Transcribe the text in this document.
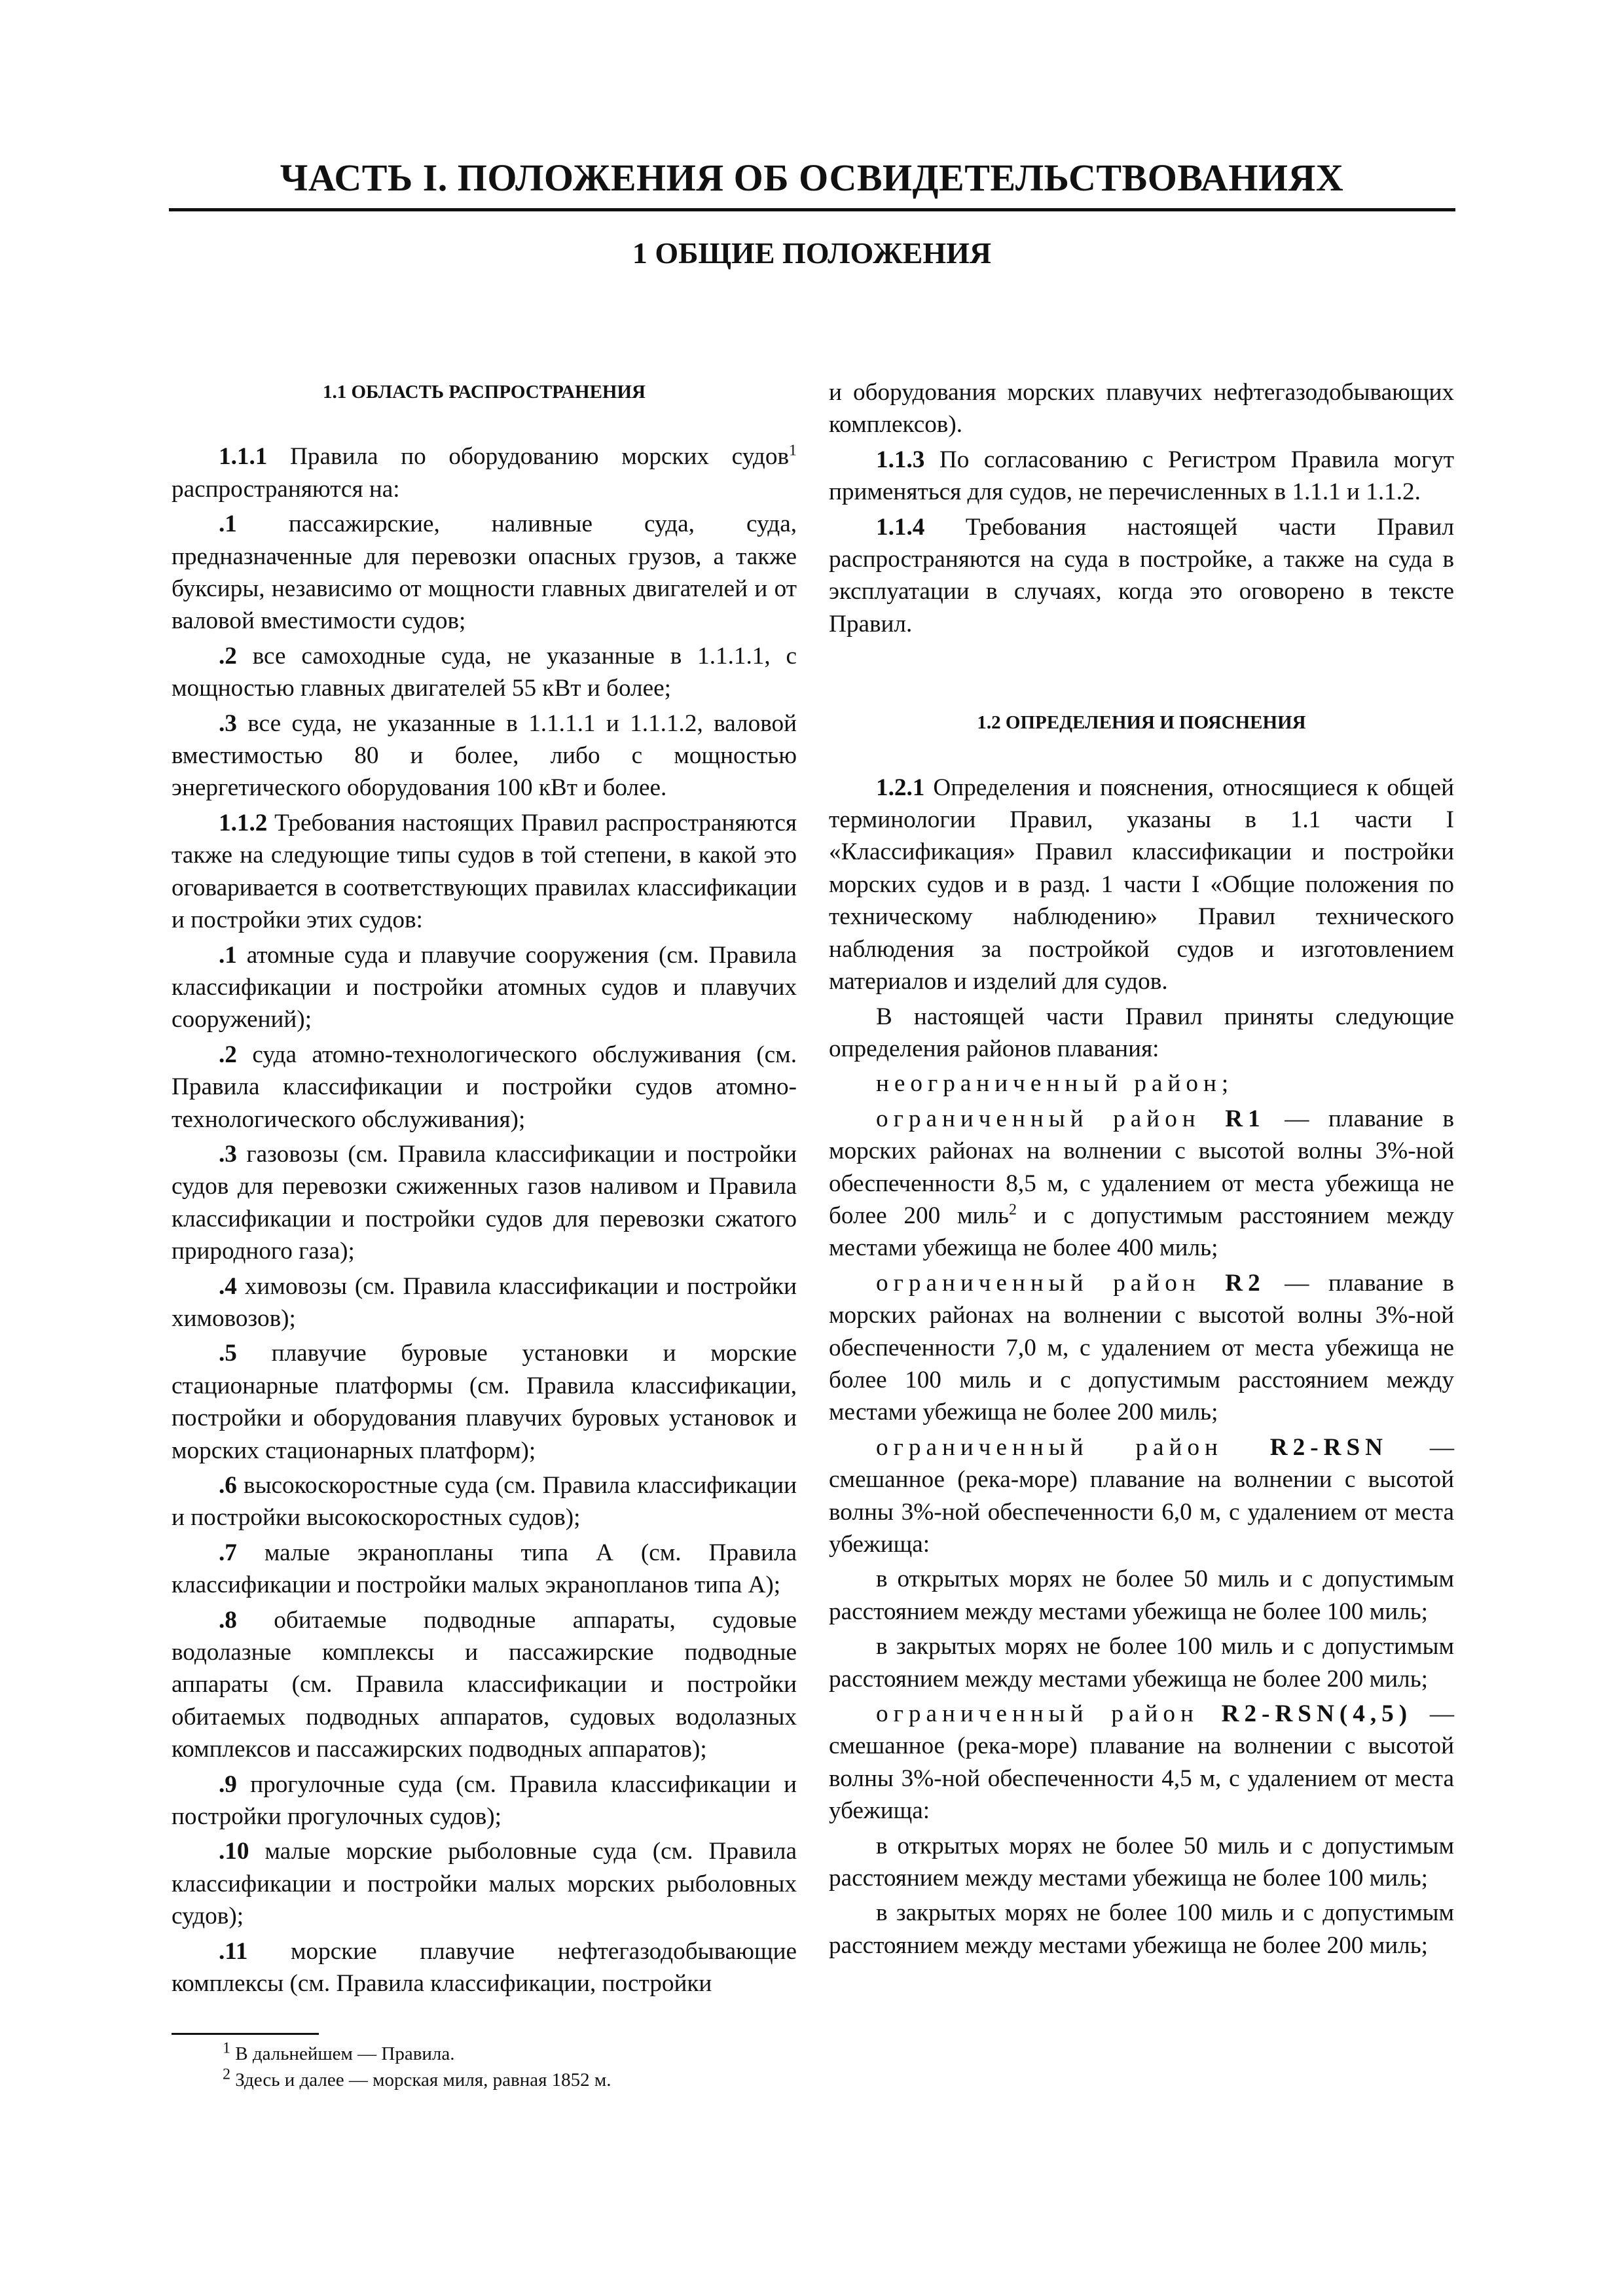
ЧАСТЬ I. ПОЛОЖЕНИЯ ОБ ОСВИДЕТЕЛЬСТВОВАНИЯХ
1 ОБЩИЕ ПОЛОЖЕНИЯ
1.1 ОБЛАСТЬ РАСПРОСТРАНЕНИЯ

1.1.1 Правила по оборудованию морских судов$^1$ распространяются на:

.1 пассажирские, наливные суда, суда, предназначенные для перевозки опасных грузов, а также буксиры, независимо от мощности главных двигателей и от валовой вместимости судов;

.2 все самоходные суда, не указанные в 1.1.1.1, с мощностью главных двигателей 55 кВт и более;

.3 все суда, не указанные в 1.1.1.1 и 1.1.1.2, валовой вместимостью 80 и более, либо с мощностью энергетического оборудования 100 кВт и более.

1.1.2 Требования настоящих Правил распространяются также на следующие типы судов в той степени, в какой это оговаривается в соответствующих правилах классификации и постройки этих судов:

.1 атомные суда и плавучие сооружения (см. Правила классификации и постройки атомных судов и плавучих сооружений);

.2 суда атомно-технологического обслуживания (см. Правила классификации и постройки судов атомно-технологического обслуживания);

.3 газовозы (см. Правила классификации и постройки судов для перевозки сжиженных газов наливом и Правила классификации и постройки судов для перевозки сжатого природного газа);

.4 химовозы (см. Правила классификации и постройки химовозов);

.5 плавучие буровые установки и морские стационарные платформы (см. Правила классификации, постройки и оборудования плавучих буровых установок и морских стационарных платформ);

.6 высокоскоростные суда (см. Правила классификации и постройки высокоскоростных судов);

.7 малые экранопланы типа А (см. Правила классификации и постройки малых экранопланов типа А);

.8 обитаемые подводные аппараты, судовые водолазные комплексы и пассажирские подводные аппараты (см. Правила классификации и постройки обитаемых подводных аппаратов, судовых водолазных комплексов и пассажирских подводных аппаратов);

.9 прогулочные суда (см. Правила классификации и постройки прогулочных судов);

.10 малые морские рыболовные суда (см. Правила классификации и постройки малых морских рыболовных судов);

.11 морские плавучие нефтегазодобывающие комплексы (см. Правила классификации, постройки

и оборудования морских плавучих нефтегазодобывающих комплексов).

1.1.3 По согласованию с Регистром Правила могут применяться для судов, не перечисленных в 1.1.1 и 1.1.2.

1.1.4 Требования настоящей части Правил распространяются на суда в постройке, а также на суда в эксплуатации в случаях, когда это оговорено в тексте Правил.

1.2 ОПРЕДЕЛЕНИЯ И ПОЯСНЕНИЯ

1.2.1 Определения и пояснения, относящиеся к общей терминологии Правил, указаны в 1.1 части I «Классификация» Правил классификации и постройки морских судов и в разд. 1 части I «Общие положения по техническому наблюдению» Правил технического наблюдения за постройкой судов и изготовлением материалов и изделий для судов.

В настоящей части Правил приняты следующие определения районов плавания:

неограниченный район;

ограниченный район R1 — плавание в морских районах на волнении с высотой волны 3%-ной обеспеченности 8,5 м, с удалением от места убежища не более 200 миль$^2$ и с допустимым расстоянием между местами убежища не более 400 миль;

ограниченный район R2 — плавание в морских районах на волнении с высотой волны 3%-ной обеспеченности 7,0 м, с удалением от места убежища не более 100 миль и с допустимым расстоянием между местами убежища не более 200 миль;

ограниченный район R2-RSN — смешанное (река-море) плавание на волнении с высотой волны 3%-ной обеспеченности 6,0 м, с удалением от места убежища:

в открытых морях не более 50 миль и с допустимым расстоянием между местами убежища не более 100 миль;

в закрытых морях не более 100 миль и с допустимым расстоянием между местами убежища не более 200 миль;

ограниченный район R2-RSN(4,5) — смешанное (река-море) плавание на волнении с высотой волны 3%-ной обеспеченности 4,5 м, с удалением от места убежища:

в открытых морях не более 50 миль и с допустимым расстоянием между местами убежища не более 100 миль;

в закрытых морях не более 100 миль и с допустимым расстоянием между местами убежища не более 200 миль;

$^1$ В дальнейшем — Правила.
$^2$ Здесь и далее — морская миля, равная 1852 м.
